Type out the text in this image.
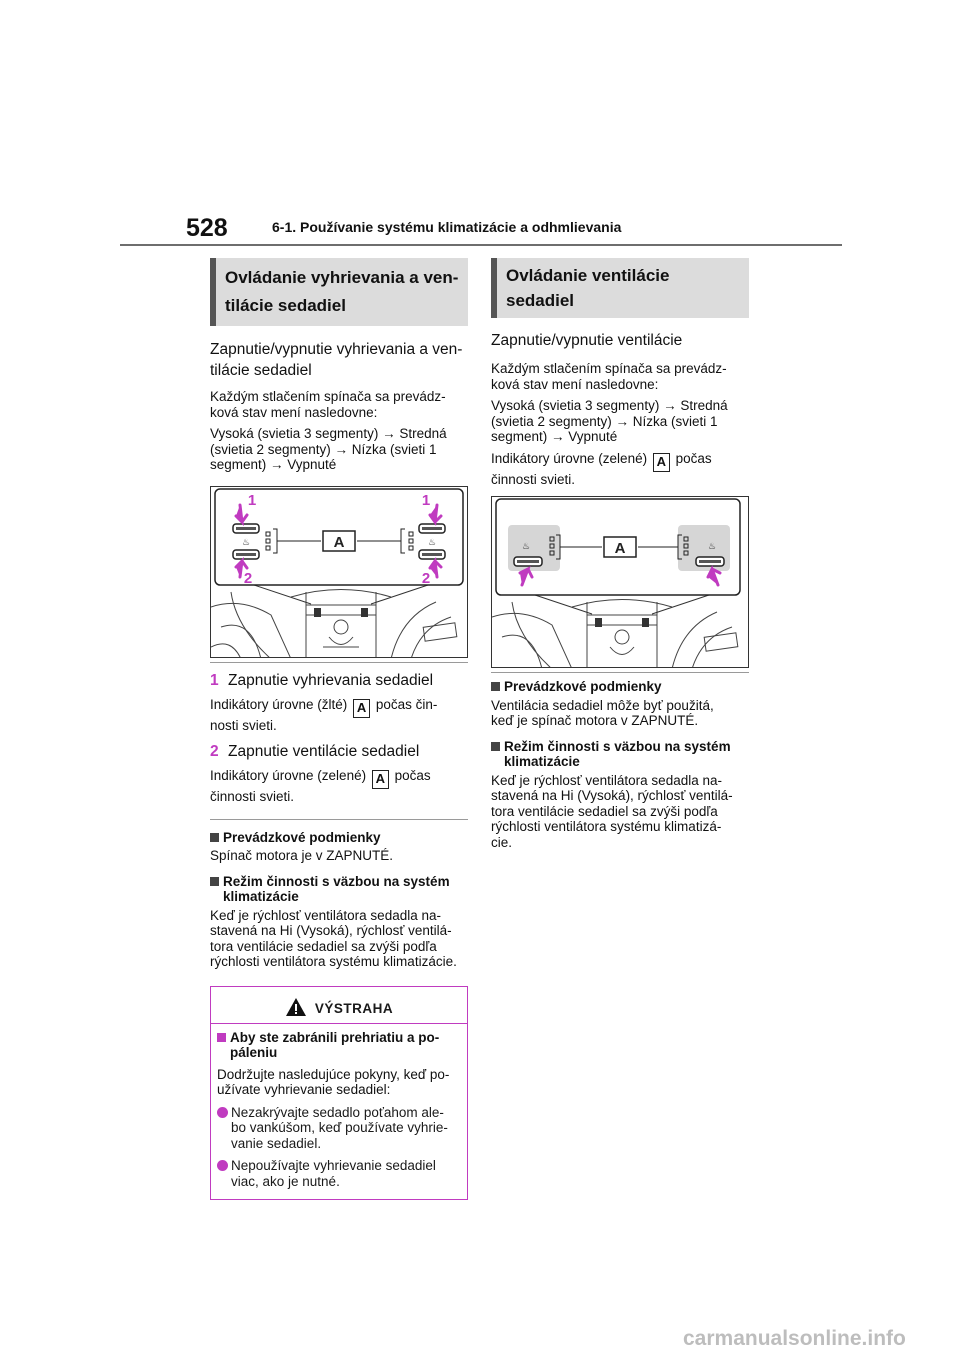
528	6-1. Používanie systému klimatizácie a odhmlievania
Ovládanie vyhrievania a ven-
tilácie sedadiel
Zapnutie/vypnutie vyhrievania a ven-
tilácie sedadiel
Každým stlačením spínača sa prevádz-
ková stav mení nasledovne:
Vysoká (svietia 3 segmenty) → Stredná
(svietia 2 segmenty) → Nízka (svieti 1
segment) → Vypnuté
♨	♨
A
1	1
2	2
1 Zapnutie vyhrievania sedadiel
Indikátory úrovne (žlté) A počas čin-
nosti svieti.
2 Zapnutie ventilácie sedadiel
Indikátory úrovne (zelené) A počas
činnosti svieti.
Prevádzkové podmienky
Spínač motora je v ZAPNUTÉ.
Režim činnosti s väzbou na systém
klimatizácie
Keď je rýchlosť ventilátora sedadla na-
stavená na Hi (Vysoká), rýchlosť ventilá-
tora ventilácie sedadiel sa zvýši podľa
rýchlosti ventilátora systému klimatizácie.
VÝSTRAHA
Aby ste zabránili prehriatiu a po-
páleniu
Dodržujte nasledujúce pokyny, keď po-
užívate vyhrievanie sedadiel:
Nezakrývajte sedadlo poťahom ale-
bo vankúšom, keď používate vyhrie-
vanie sedadiel.
Nepoužívajte vyhrievanie sedadiel
viac, ako je nutné.
Ovládanie ventilácie sedadiel
Zapnutie/vypnutie ventilácie
Každým stlačením spínača sa prevádz-
ková stav mení nasledovne:
Vysoká (svietia 3 segmenty) → Stredná
(svietia 2 segmenty) → Nízka (svieti 1
segment) → Vypnuté
Indikátory úrovne (zelené) A počas
činnosti svieti.
♨	♨
A
Prevádzkové podmienky
Ventilácia sedadiel môže byť použitá,
keď je spínač motora v ZAPNUTÉ.
Režim činnosti s väzbou na systém
klimatizácie
Keď je rýchlosť ventilátora sedadla na-
stavená na Hi (Vysoká), rýchlosť ventilá-
tora ventilácie sedadiel sa zvýši podľa
rýchlosti ventilátora systému klimatizá-
cie.
carmanualsonline.info
